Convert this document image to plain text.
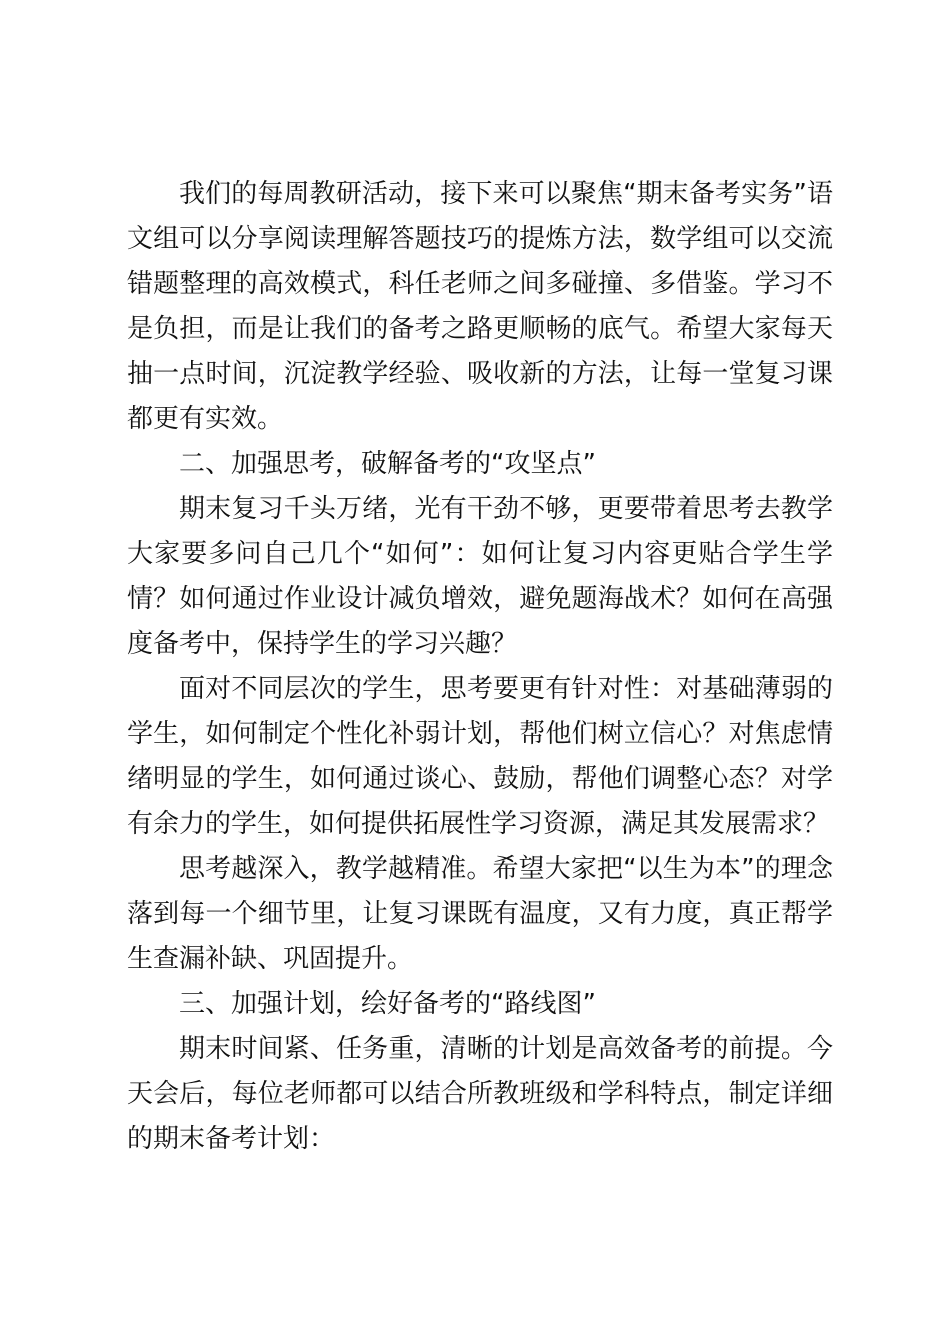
我们的每周教研活动，接下来可以聚焦“期末备考实务”语文组可以分享阅读理解答题技巧的提炼方法，数学组可以交流错题整理的高效模式，科任老师之间多碰撞、多借鉴。学习不是负担，而是让我们的备考之路更顺畅的底气。希望大家每天抽一点时间，沉淀教学经验、吸收新的方法，让每一堂复习课都更有实效。

二、加强思考，破解备考的“攻坚点”

期末复习千头万绪，光有干劲不够，更要带着思考去教学大家要多问自己几个“如何”：如何让复习内容更贴合学生学情？如何通过作业设计减负增效，避免题海战术？如何在高强度备考中，保持学生的学习兴趣？

面对不同层次的学生，思考要更有针对性：对基础薄弱的学生，如何制定个性化补弱计划，帮他们树立信心？对焦虑情绪明显的学生，如何通过谈心、鼓励，帮他们调整心态？对学有余力的学生，如何提供拓展性学习资源，满足其发展需求？

思考越深入，教学越精准。希望大家把“以生为本”的理念落到每一个细节里，让复习课既有温度，又有力度，真正帮学生查漏补缺、巩固提升。

三、加强计划，绘好备考的“路线图”

期末时间紧、任务重，清晰的计划是高效备考的前提。今天会后，每位老师都可以结合所教班级和学科特点，制定详细的期末备考计划：
